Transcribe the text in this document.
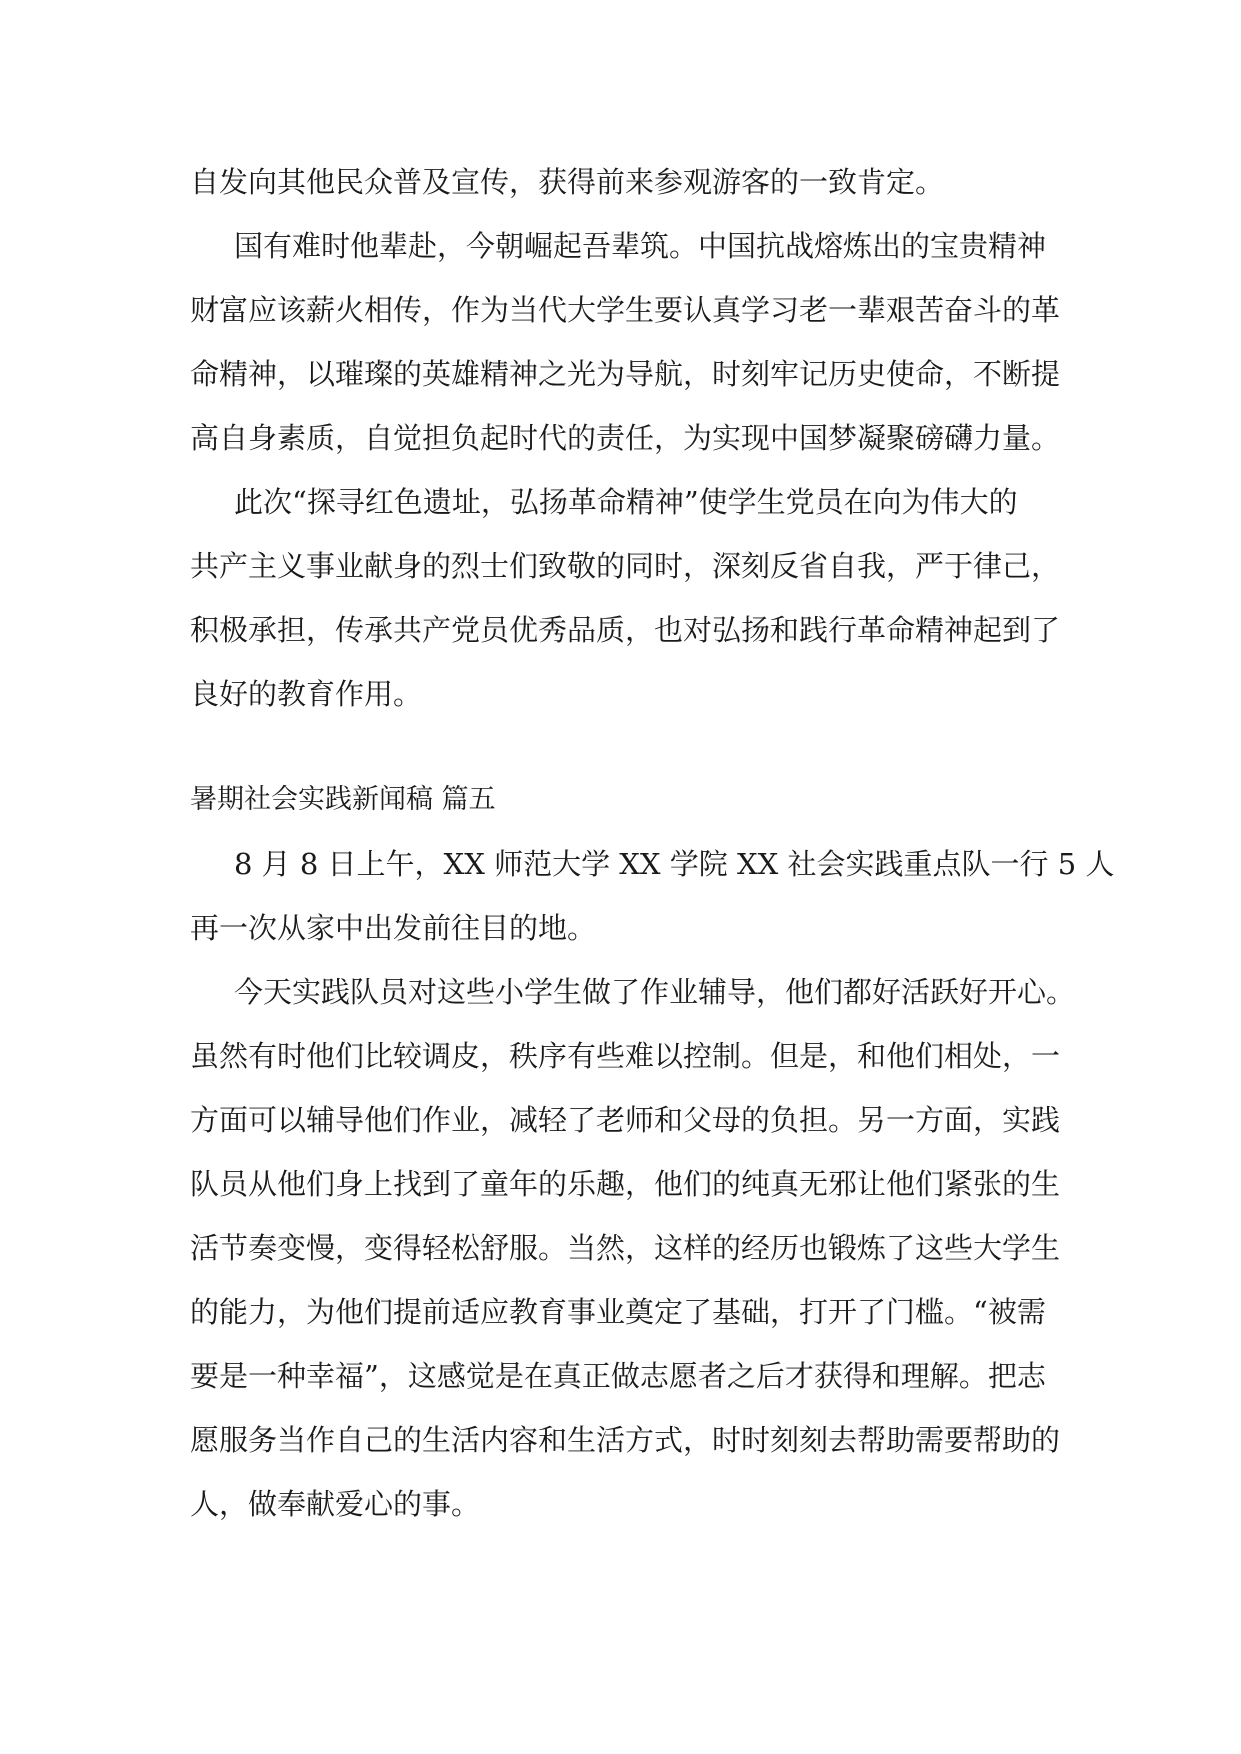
自发向其他民众普及宣传，获得前来参观游客的一致肯定。
国有难时他辈赴，今朝崛起吾辈筑。中国抗战熔炼出的宝贵精神
财富应该薪火相传，作为当代大学生要认真学习老一辈艰苦奋斗的革
命精神，以璀璨的英雄精神之光为导航，时刻牢记历史使命，不断提
高自身素质，自觉担负起时代的责任，为实现中国梦凝聚磅礴力量。
此次“探寻红色遗址，弘扬革命精神”使学生党员在向为伟大的
共产主义事业献身的烈士们致敬的同时，深刻反省自我，严于律己，
积极承担，传承共产党员优秀品质，也对弘扬和践行革命精神起到了
良好的教育作用。
暑期社会实践新闻稿 篇五
8 月 8 日上午，XX 师范大学 XX 学院 XX 社会实践重点队一行 5 人
再一次从家中出发前往目的地。
今天实践队员对这些小学生做了作业辅导，他们都好活跃好开心。
虽然有时他们比较调皮，秩序有些难以控制。但是，和他们相处，一
方面可以辅导他们作业，减轻了老师和父母的负担。另一方面，实践
队员从他们身上找到了童年的乐趣，他们的纯真无邪让他们紧张的生
活节奏变慢，变得轻松舒服。当然，这样的经历也锻炼了这些大学生
的能力，为他们提前适应教育事业奠定了基础，打开了门槛。“被需
要是一种幸福”，这感觉是在真正做志愿者之后才获得和理解。把志
愿服务当作自己的生活内容和生活方式，时时刻刻去帮助需要帮助的
人，做奉献爱心的事。
